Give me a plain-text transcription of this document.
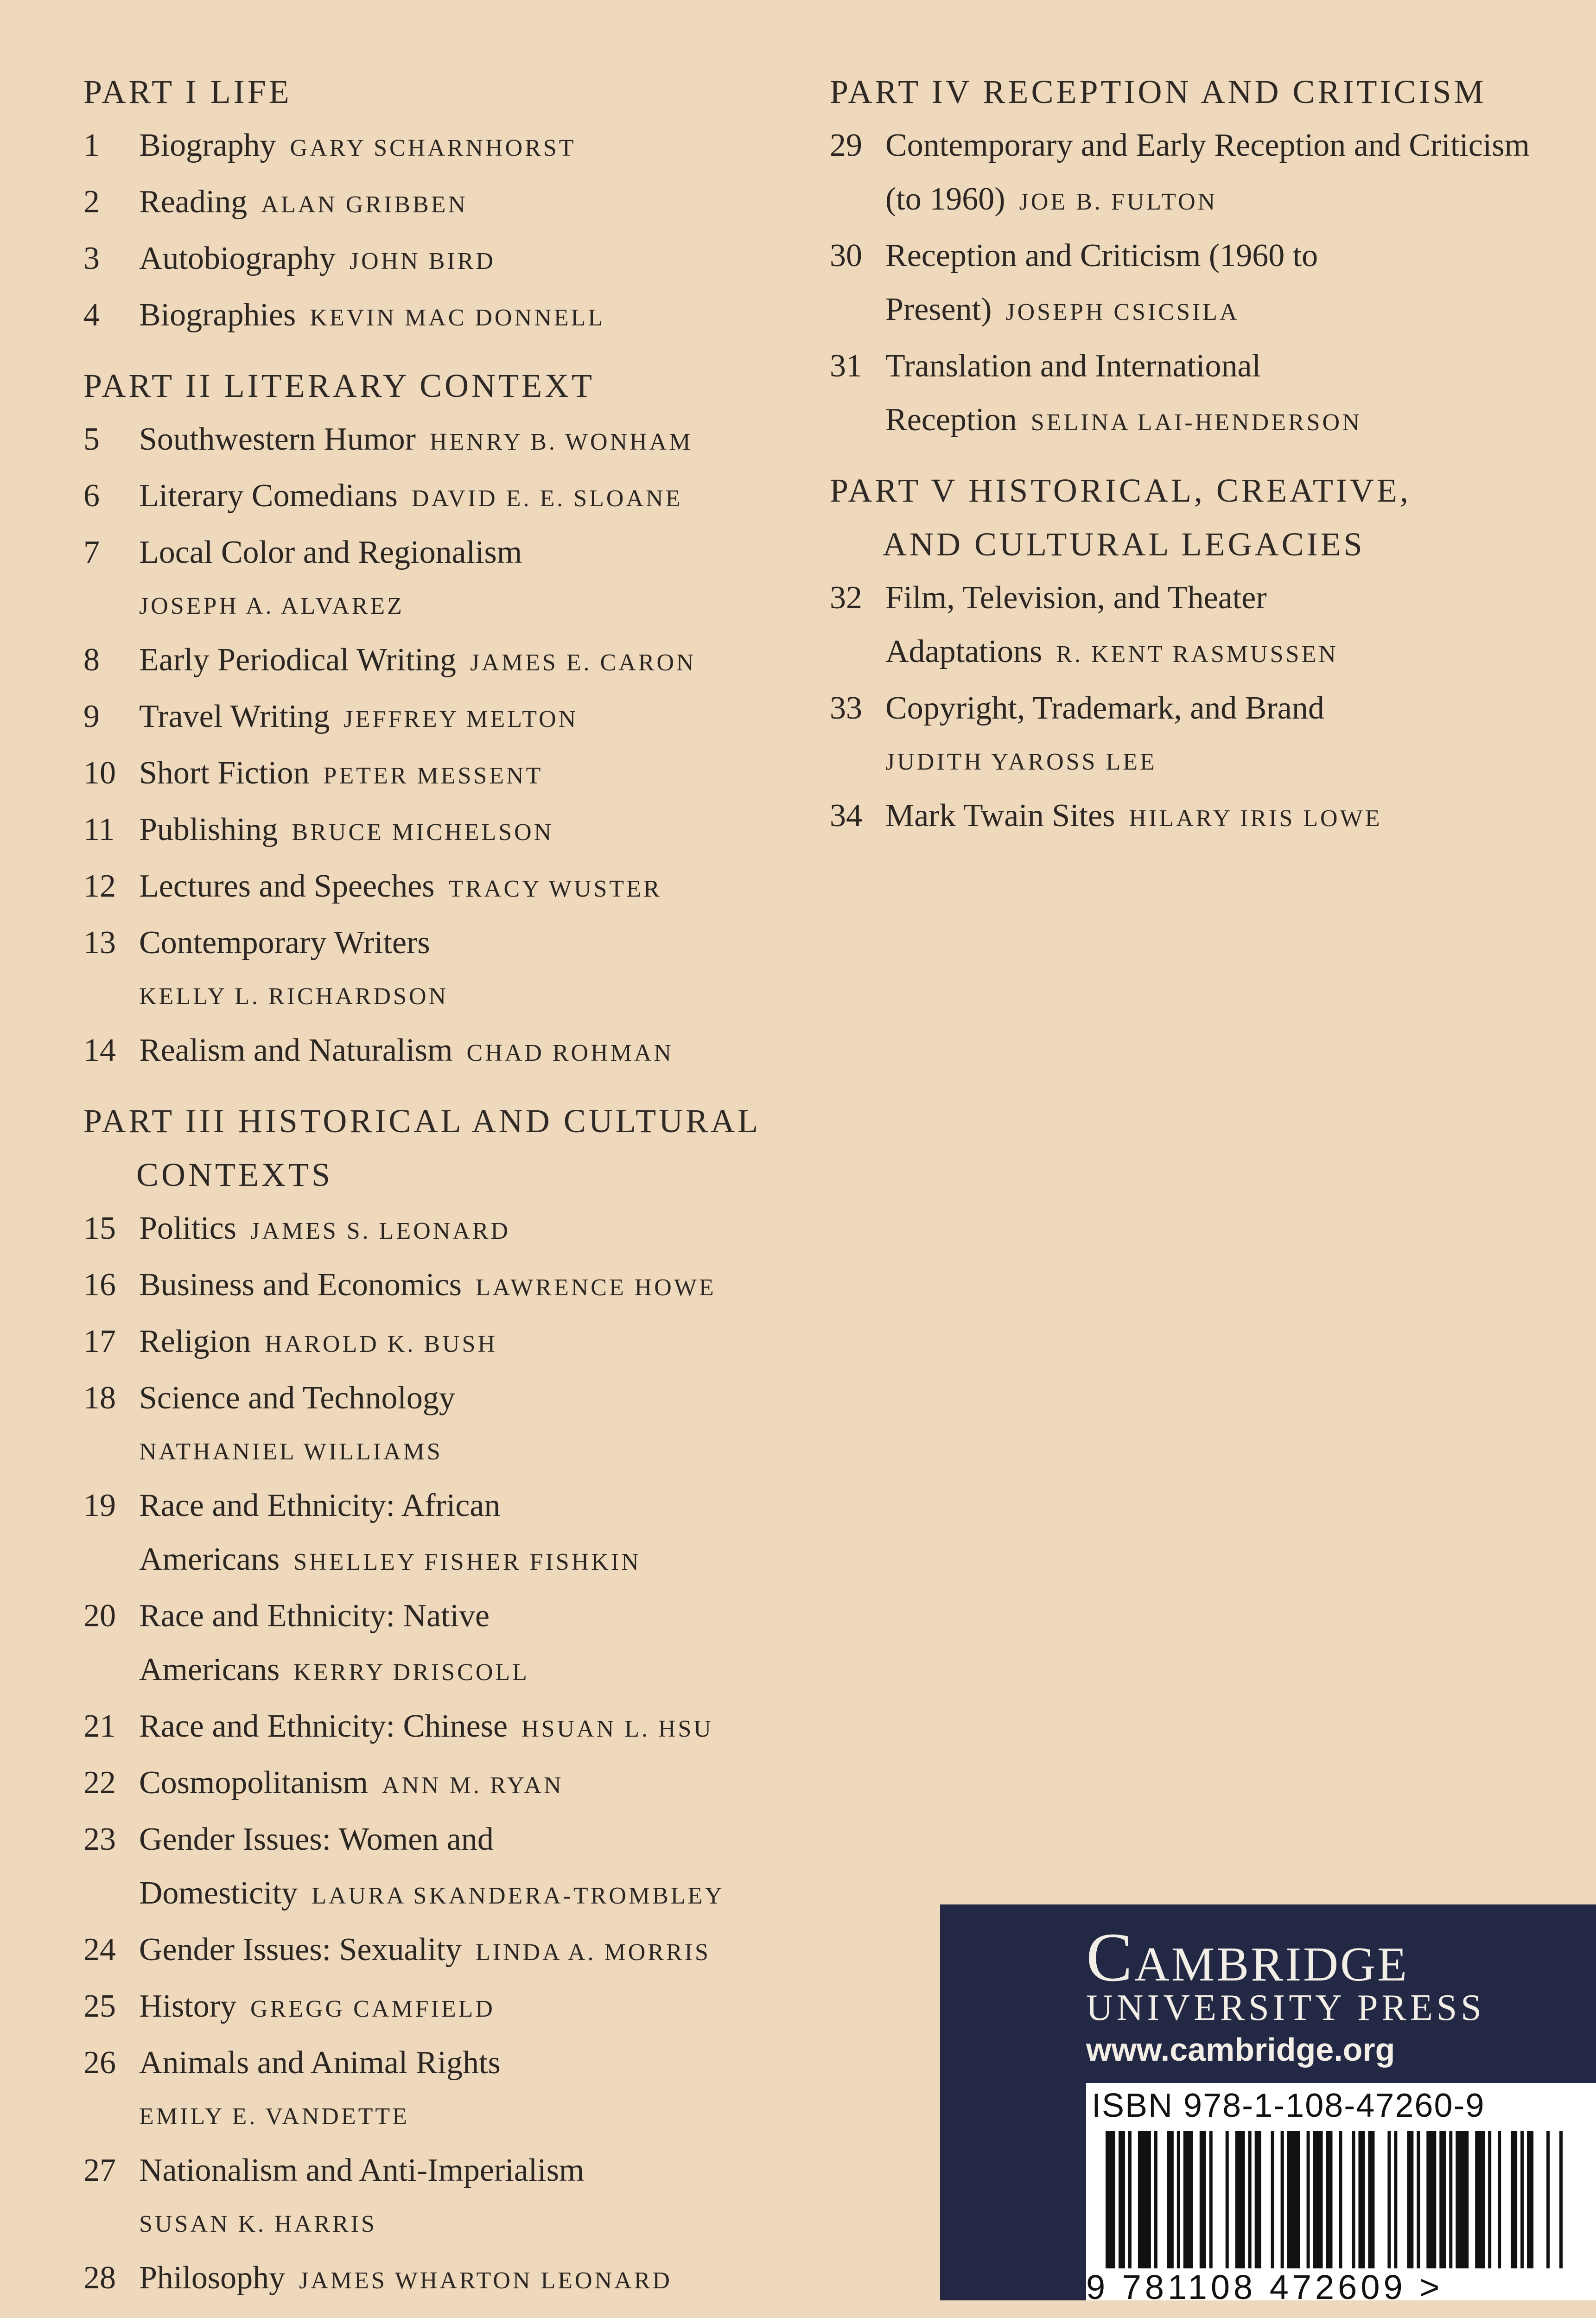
PART I LIFE
1	Biography GARY SCHARNHORST
2	Reading ALAN GRIBBEN
3	Autobiography JOHN BIRD
4	Biographies KEVIN MAC DONNELL
PART II LITERARY CONTEXT
5	Southwestern Humor HENRY B. WONHAM
6	Literary Comedians DAVID E. E. SLOANE
7	Local Color and Regionalism
JOSEPH A. ALVAREZ
8	Early Periodical Writing JAMES E. CARON
9	Travel Writing JEFFREY MELTON
10 Short Fiction PETER MESSENT
11 Publishing BRUCE MICHELSON
12 Lectures and Speeches TRACY WUSTER
13 Contemporary Writers
KELLY L. RICHARDSON
14 Realism and Naturalism CHAD ROHMAN
PART III HISTORICAL AND CULTURAL

CONTEXTS
15 Politics JAMES S. LEONARD
16 Business and Economics LAWRENCE HOWE
17 Religion HAROLD K. BUSH
18 Science and Technology
NATHANIEL WILLIAMS
19 Race and Ethnicity: African Americans SHELLEY FISHER FISHKIN
20 Race and Ethnicity: Native Americans KERRY DRISCOLL
21 Race and Ethnicity: Chinese HSUAN L. HSU
22 Cosmopolitanism ANN M. RYAN
23 Gender Issues: Women and Domesticity LAURA SKANDERA-TROMBLEY
24 Gender Issues: Sexuality LINDA A. MORRIS
25 History GREGG CAMFIELD
26 Animals and Animal Rights
EMILY E. VANDETTE
27 Nationalism and Anti-Imperialism
SUSAN K. HARRIS
28 Philosophy JAMES WHARTON LEONARD
PART IV RECEPTION AND CRITICISM
29 Contemporary and Early Reception and Criticism (to 1960) JOE B. FULTON
30 Reception and Criticism (1960 to Present) JOSEPH CSICSILA
31 Translation and International Reception SELINA LAI-HENDERSON
PART V HISTORICAL, CREATIVE,

AND CULTURAL LEGACIES
32 Film, Television, and Theater Adaptations R. KENT RASMUSSEN
33 Copyright, Trademark, and Brand
JUDITH YAROSS LEE
34 Mark Twain Sites HILARY IRIS LOWE
Cambridge

UNIVERSITY PRESS

www.cambridge.org

ISBN 978-1-108-47260-9

9 781108 472609 >
